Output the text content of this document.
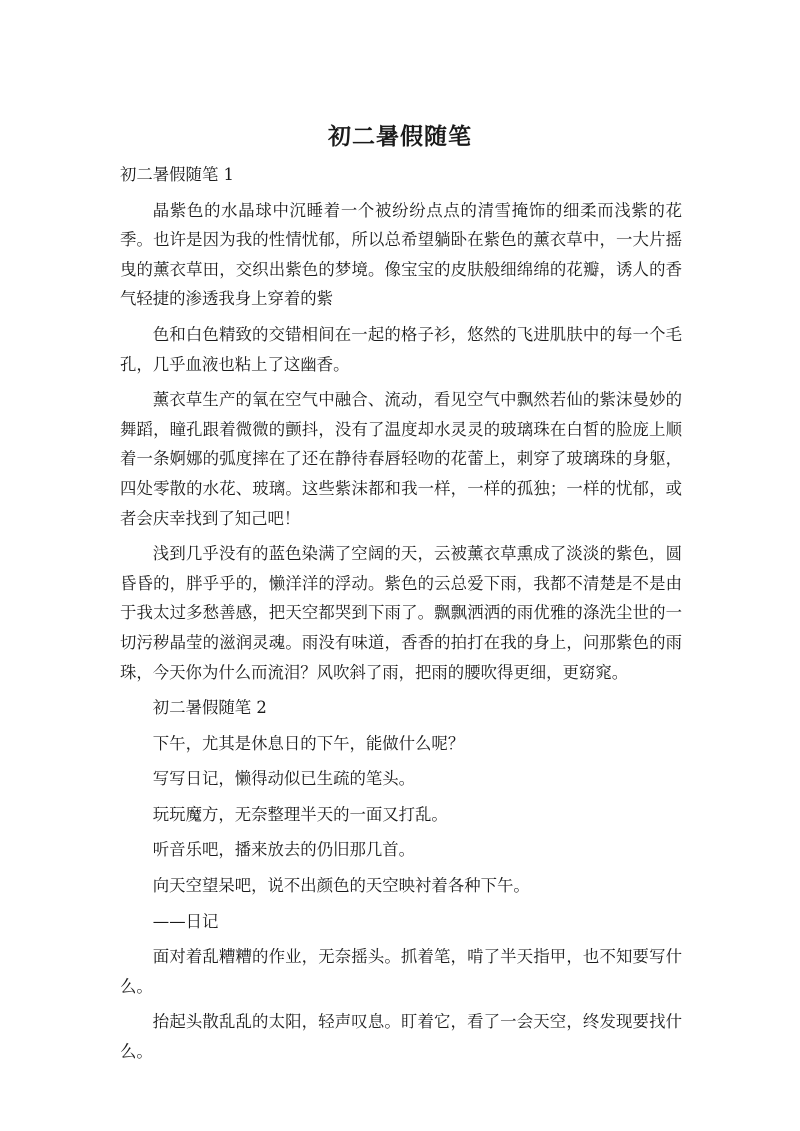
初二暑假随笔

初二暑假随笔 1

晶紫色的水晶球中沉睡着一个被纷纷点点的清雪掩饰的细柔而浅紫的花季。也许是因为我的性情忧郁，所以总希望躺卧在紫色的薰衣草中，一大片摇曳的薰衣草田，交织出紫色的梦境。像宝宝的皮肤般细绵绵的花瓣，诱人的香气轻捷的渗透我身上穿着的紫

色和白色精致的交错相间在一起的格子衫，悠然的飞进肌肤中的每一个毛孔，几乎血液也粘上了这幽香。

薰衣草生产的氧在空气中融合、流动，看见空气中飘然若仙的紫沫曼妙的舞蹈，瞳孔跟着微微的颤抖，没有了温度却水灵灵的玻璃珠在白皙的脸庞上顺着一条婀娜的弧度摔在了还在静待春唇轻吻的花蕾上，刺穿了玻璃珠的身躯，四处零散的水花、玻璃。这些紫沫都和我一样，一样的孤独；一样的忧郁，或者会庆幸找到了知己吧！

浅到几乎没有的蓝色染满了空阔的天，云被薰衣草熏成了淡淡的紫色，圆昏昏的，胖乎乎的，懒洋洋的浮动。紫色的云总爱下雨，我都不清楚是不是由于我太过多愁善感，把天空都哭到下雨了。飘飘洒洒的雨优雅的涤洗尘世的一切污秽晶莹的滋润灵魂。雨没有味道，香香的拍打在我的身上，问那紫色的雨珠，今天你为什么而流泪？风吹斜了雨，把雨的腰吹得更细，更窈窕。

初二暑假随笔 2

下午，尤其是休息日的下午，能做什么呢？

写写日记，懒得动似已生疏的笔头。

玩玩魔方，无奈整理半天的一面又打乱。

听音乐吧，播来放去的仍旧那几首。

向天空望呆吧，说不出颜色的天空映衬着各种下午。

——日记

面对着乱糟糟的作业，无奈摇头。抓着笔，啃了半天指甲，也不知要写什么。

抬起头散乱乱的太阳，轻声叹息。盯着它，看了一会天空，终发现要找什么。
